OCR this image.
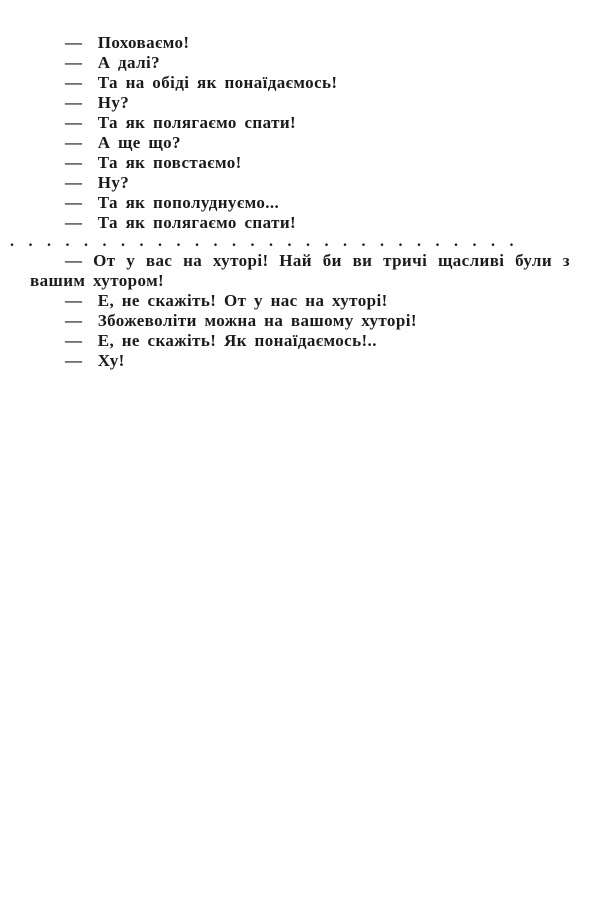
—  Поховаємо!

—  А далі?

—  Та на обіді як понаїдаємось!

—  Ну?

—  Та як полягаємо спати!

—  А ще що?

—  Та як повстаємо!

—  Ну?

—  Та як пополуднуємо...

—  Та як полягаємо спати!

............................

— От у вас на хуторі! Най би ви тричі щасливі були з вашим хутором!

—  Е, не скажіть! От у нас на хуторі!

—  Збожеволіти можна на вашому хуторі!

—  Е, не скажіть! Як понаїдаємось!..

—  Ху!
